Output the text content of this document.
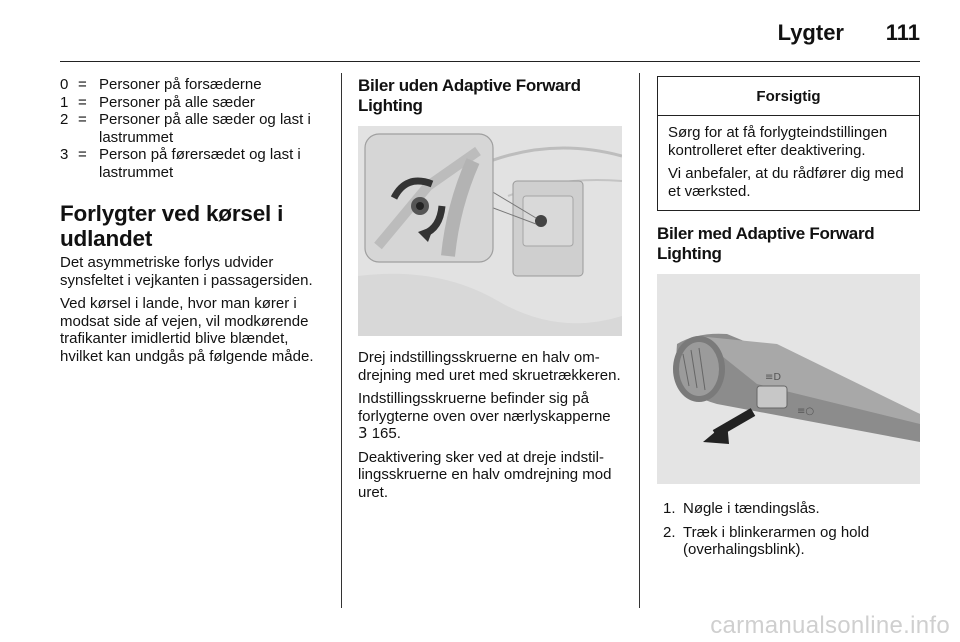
Lygter 111
0 = Personer på forsæderne
1 = Personer på alle sæder
2 = Personer på alle sæder og last i lastrummet
3 = Person på førersædet og last i lastrummet
Forlygter ved kørsel i udlandet

Det asymmetriske forlys udvider synsfeltet i vejkanten i passagersiden.

Ved kørsel i lande, hvor man kører i modsat side af vejen, vil modkørende trafikanter imidlertid blive blændet, hvilket kan undgås på følgende måde.

Biler uden Adaptive Forward Lighting

Drej indstillingsskruerne en halv omdrejning med uret med skruetrækkeren.

Indstillingsskruerne befinder sig på forlygterne oven over nærlyskapperne 3 165.

Deaktivering sker ved at dreje indstillingsskruerne en halv omdrejning mod uret.

Forsigtig

Sørg for at få forlygteindstillingen kontrolleret efter deaktivering.

Vi anbefaler, at du rådfører dig med et værksted.

Biler med Adaptive Forward Lighting
≡D
≡○
1. Nøgle i tændingslås.
2. Træk i blinkerarmen og hold (overhalingsblink).
carmanualsonline.info
